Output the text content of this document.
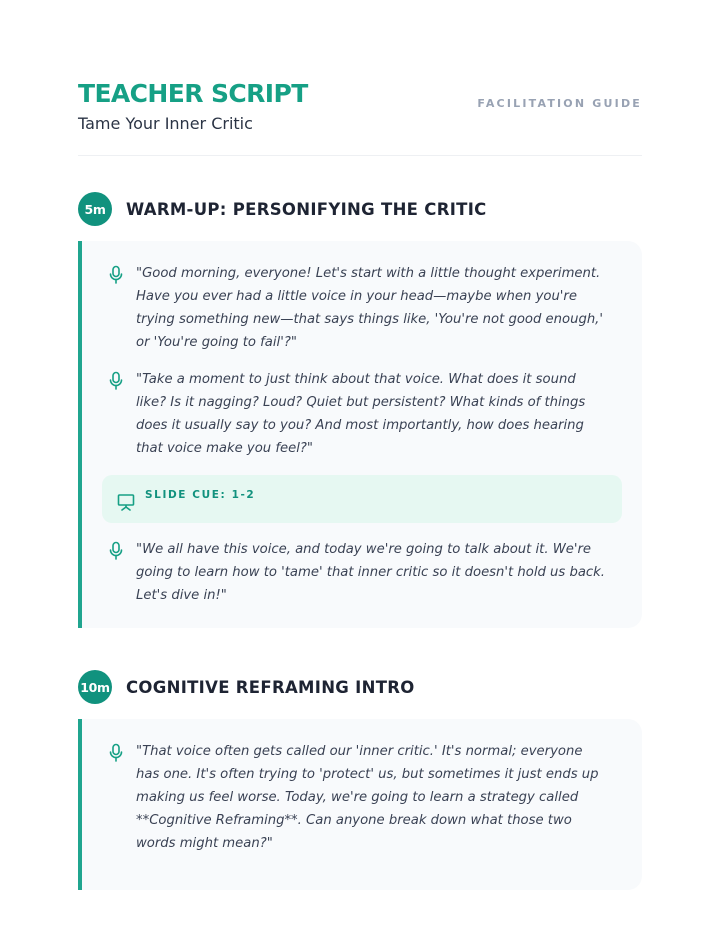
TEACHER SCRIPT
Tame Your Inner Critic
FACILITATION GUIDE
5m	WARM-UP: PERSONIFYING THE CRITIC
"Good morning, everyone! Let's start with a little thought experiment. Have you ever had a little voice in your head—maybe when you're trying something new—that says things like, 'You're not good enough,' or 'You're going to fail'?"
"Take a moment to just think about that voice. What does it sound like? Is it nagging? Loud? Quiet but persistent? What kinds of things does it usually say to you? And most importantly, how does hearing that voice make you feel?"
SLIDE CUE: 1-2
"We all have this voice, and today we're going to talk about it. We're going to learn how to 'tame' that inner critic so it doesn't hold us back. Let's dive in!"
10m COGNITIVE REFRAMING INTRO
"That voice often gets called our 'inner critic.' It's normal; everyone has one. It's often trying to 'protect' us, but sometimes it just ends up making us feel worse. Today, we're going to learn a strategy called **Cognitive Reframing**. Can anyone break down what those two words might mean?"
